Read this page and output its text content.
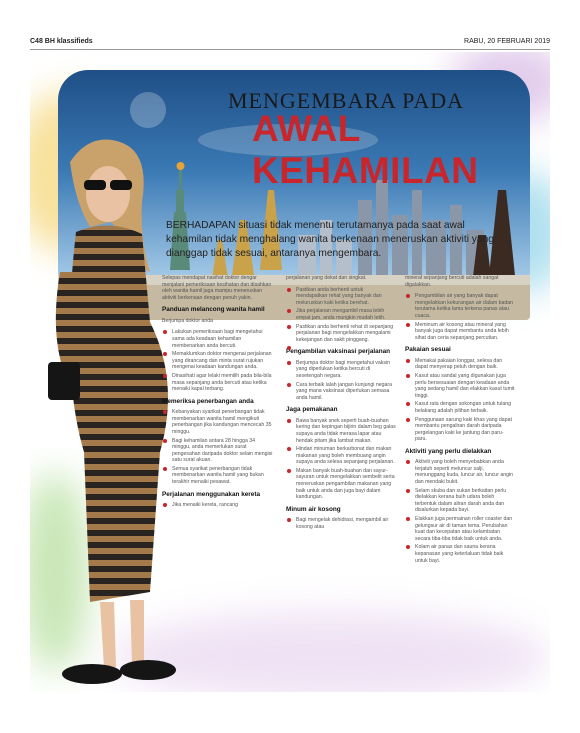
C48 BH klassifieds	RABU, 20 FEBRUARI 2019
MENGEMBARA PADA
AWAL KEHAMILAN
BERHADAPAN situasi tidak menentu terutamanya pada saat awal kehamilan tidak menghalang wanita berkenaan meneruskan aktiviti yang dianggap tidak sesuai, antaranya mengembara.

Selepas mendapat nasihat doktor dengar menjalani pemeriksaan kesihatan dan disahkan oleh wanita hamil juga mampu meneruskan aktiviti berkenaan dengan penuh yakin.

Panduan melancong wanita hamil

Berjumpa doktor anda

Lakukan pemeriksaan bagi mengetahui sama ada keadaan kehamilan membenarkan anda bercuti.
Memaklumkan doktor mengenai perjalanan yang dirancang dan minta surat rujukan mengenai keadaan kandungan anda.
Dinasihati agar lelaki memilih pada bila-bila masa sepanjang anda bercuti atau ketika menaiki kapal terbang.
Memeriksa penerbangan anda
Kebanyakan syarikat penerbangan tidak membenarkan wanita hamil mengikuti penerbangan jika kandungan mencecah 35 minggu.
Bagi kehamilan antara 28 hingga 34 minggu, anda memerlukan surat pengesahan daripada doktor selain mengisi satu surat akuan.
Semua syarikat penerbangan tidak membenarkan wanita hamil yang bukan terakhir menaiki pesawat.
Perjalanan menggunakan kereta
Jika menaiki kereta, rancang

perjalanan yang dekat dan singkat.

Pastikan anda berhenti untuk mendapatkan rehat yang banyak dan meluruskan kaki ketika berehat.
Jika perjalanan mengambil masa lebih empat jam, anda mungkin mudah letih.
Pastikan anda berhenti rehat di sepanjang perjalanan bagi mengelakkan mengalami kekejangan dan sakit pinggang.
Pengambilan vaksinasi perjalanan
Berjumpa doktor bagi mengetahui vaksin yang diperlukan ketika bercuti di sesetengah negara.
Cara terbaik ialah jangan kunjungi negara yang mana vaksinasi diperlukan semasa anda hamil.
Jaga pemakanan
Bawa banyak snek seperti buah-buahan kering dan kepingan bijirin dalam beg galas supaya anda tidak merasa lapar atau hendak pitam jika lambat makan.
Hindari minuman berkarbonat dan makan makanan yang boleh membuang angin supaya anda selesa sepanjang perjalanan.
Makan banyak buah-buahan dan sayur-sayuran untuk mengelakkan sembelit serta meneruskan pengambilan makanan yang baik untuk anda dan juga bayi dalam kandungan.
Minum air kosong
Bagi mengelak dehidrasi, mengambil air kosong atau

mineral sepanjang bercuti adalah sangat digalakkan.

Pengambilan air yang banyak dapat mengelakkan kekurangan air dalam badan terutama ketika lama terkena panas atau cuaca.
Meminum air kosong atau mineral yang banyak juga dapat membantu anda lebih sihat dan ceria sepanjang percutian.
Pakaian sesuai
Memakai pakaian longgar, selesa dan dapat menyerap peluh dengan baik.
Kasut atau sandal yang digunakan juga perlu bersesuaian dengan keadaan anda yang sedang hamil dan elakkan kasut tumit tinggi.
Kasut rata dengan sokongan untuk tulang belakang adalah pilihan terbaik.
Penggunaan sarung kaki khas yang dapat membantu pengaliran darah daripada pergelangan kaki ke jantung dan paru-paru.
Aktiviti yang perlu dielakkan
Aktiviti yang boleh menyebabkan anda terjatuh seperti meluncur salji, menunggang kuda, luncur air, luncur angin dan mendaki bukit.
Selam skuba dan sukan berkaitan perlu dielakkan kerana buih udara boleh terbentuk dalam aliran darah anda dan disalurkan kepada bayi.
Elakkan juga permainan roller coaster dan gelungsur air di taman tema. Perubahan kuat dan kecepatan atau kelambatan secara tiba-tiba tidak baik untuk anda.
Kolam air panas dan sauna kerana kepanasan yang keterlaluan tidak baik untuk bayi.
